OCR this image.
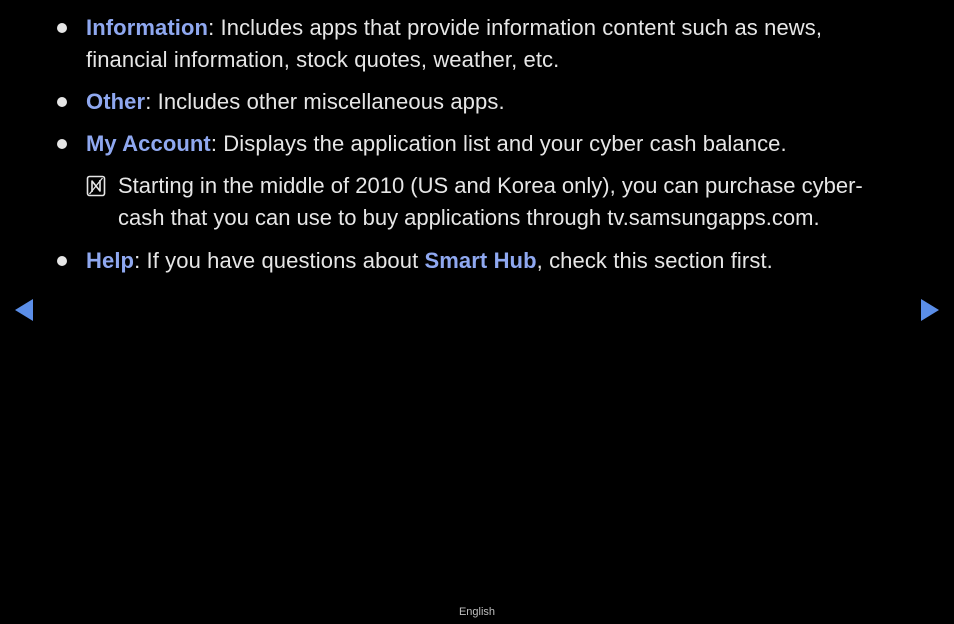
Information: Includes apps that provide information content such as news, financial information, stock quotes, weather, etc.
Other: Includes other miscellaneous apps.
My Account: Displays the application list and your cyber cash balance.
Starting in the middle of 2010 (US and Korea only), you can purchase cyber-cash that you can use to buy applications through tv.samsungapps.com.
Help: If you have questions about Smart Hub, check this section first.
English
